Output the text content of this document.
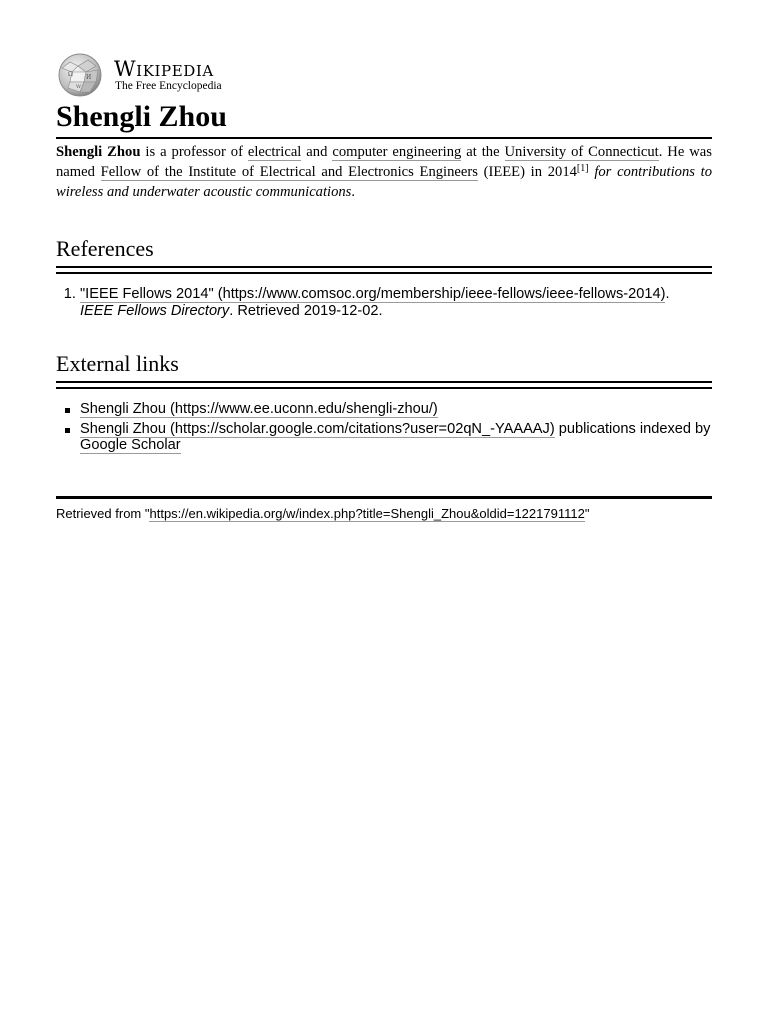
Ω И
W
Wikipedia
The Free Encyclopedia
Shengli Zhou

Shengli Zhou is a professor of electrical and computer engineering at the University of Connecticut. He was named Fellow of the Institute of Electrical and Electronics Engineers (IEEE) in 2014[1] for contributions to wireless and underwater acoustic communications.

References
1. "IEEE Fellows 2014" (https://www.comsoc.org/membership/ieee-fellows/ieee-fellows-2014).
IEEE Fellows Directory. Retrieved 2019-12-02.
External links
Shengli Zhou (https://www.ee.uconn.edu/shengli-zhou/)
Shengli Zhou (https://scholar.google.com/citations?user=02qN_-YAAAAJ) publications indexed by Google Scholar
Retrieved from "https://en.wikipedia.org/w/index.php?title=Shengli_Zhou&oldid=1221791112"
